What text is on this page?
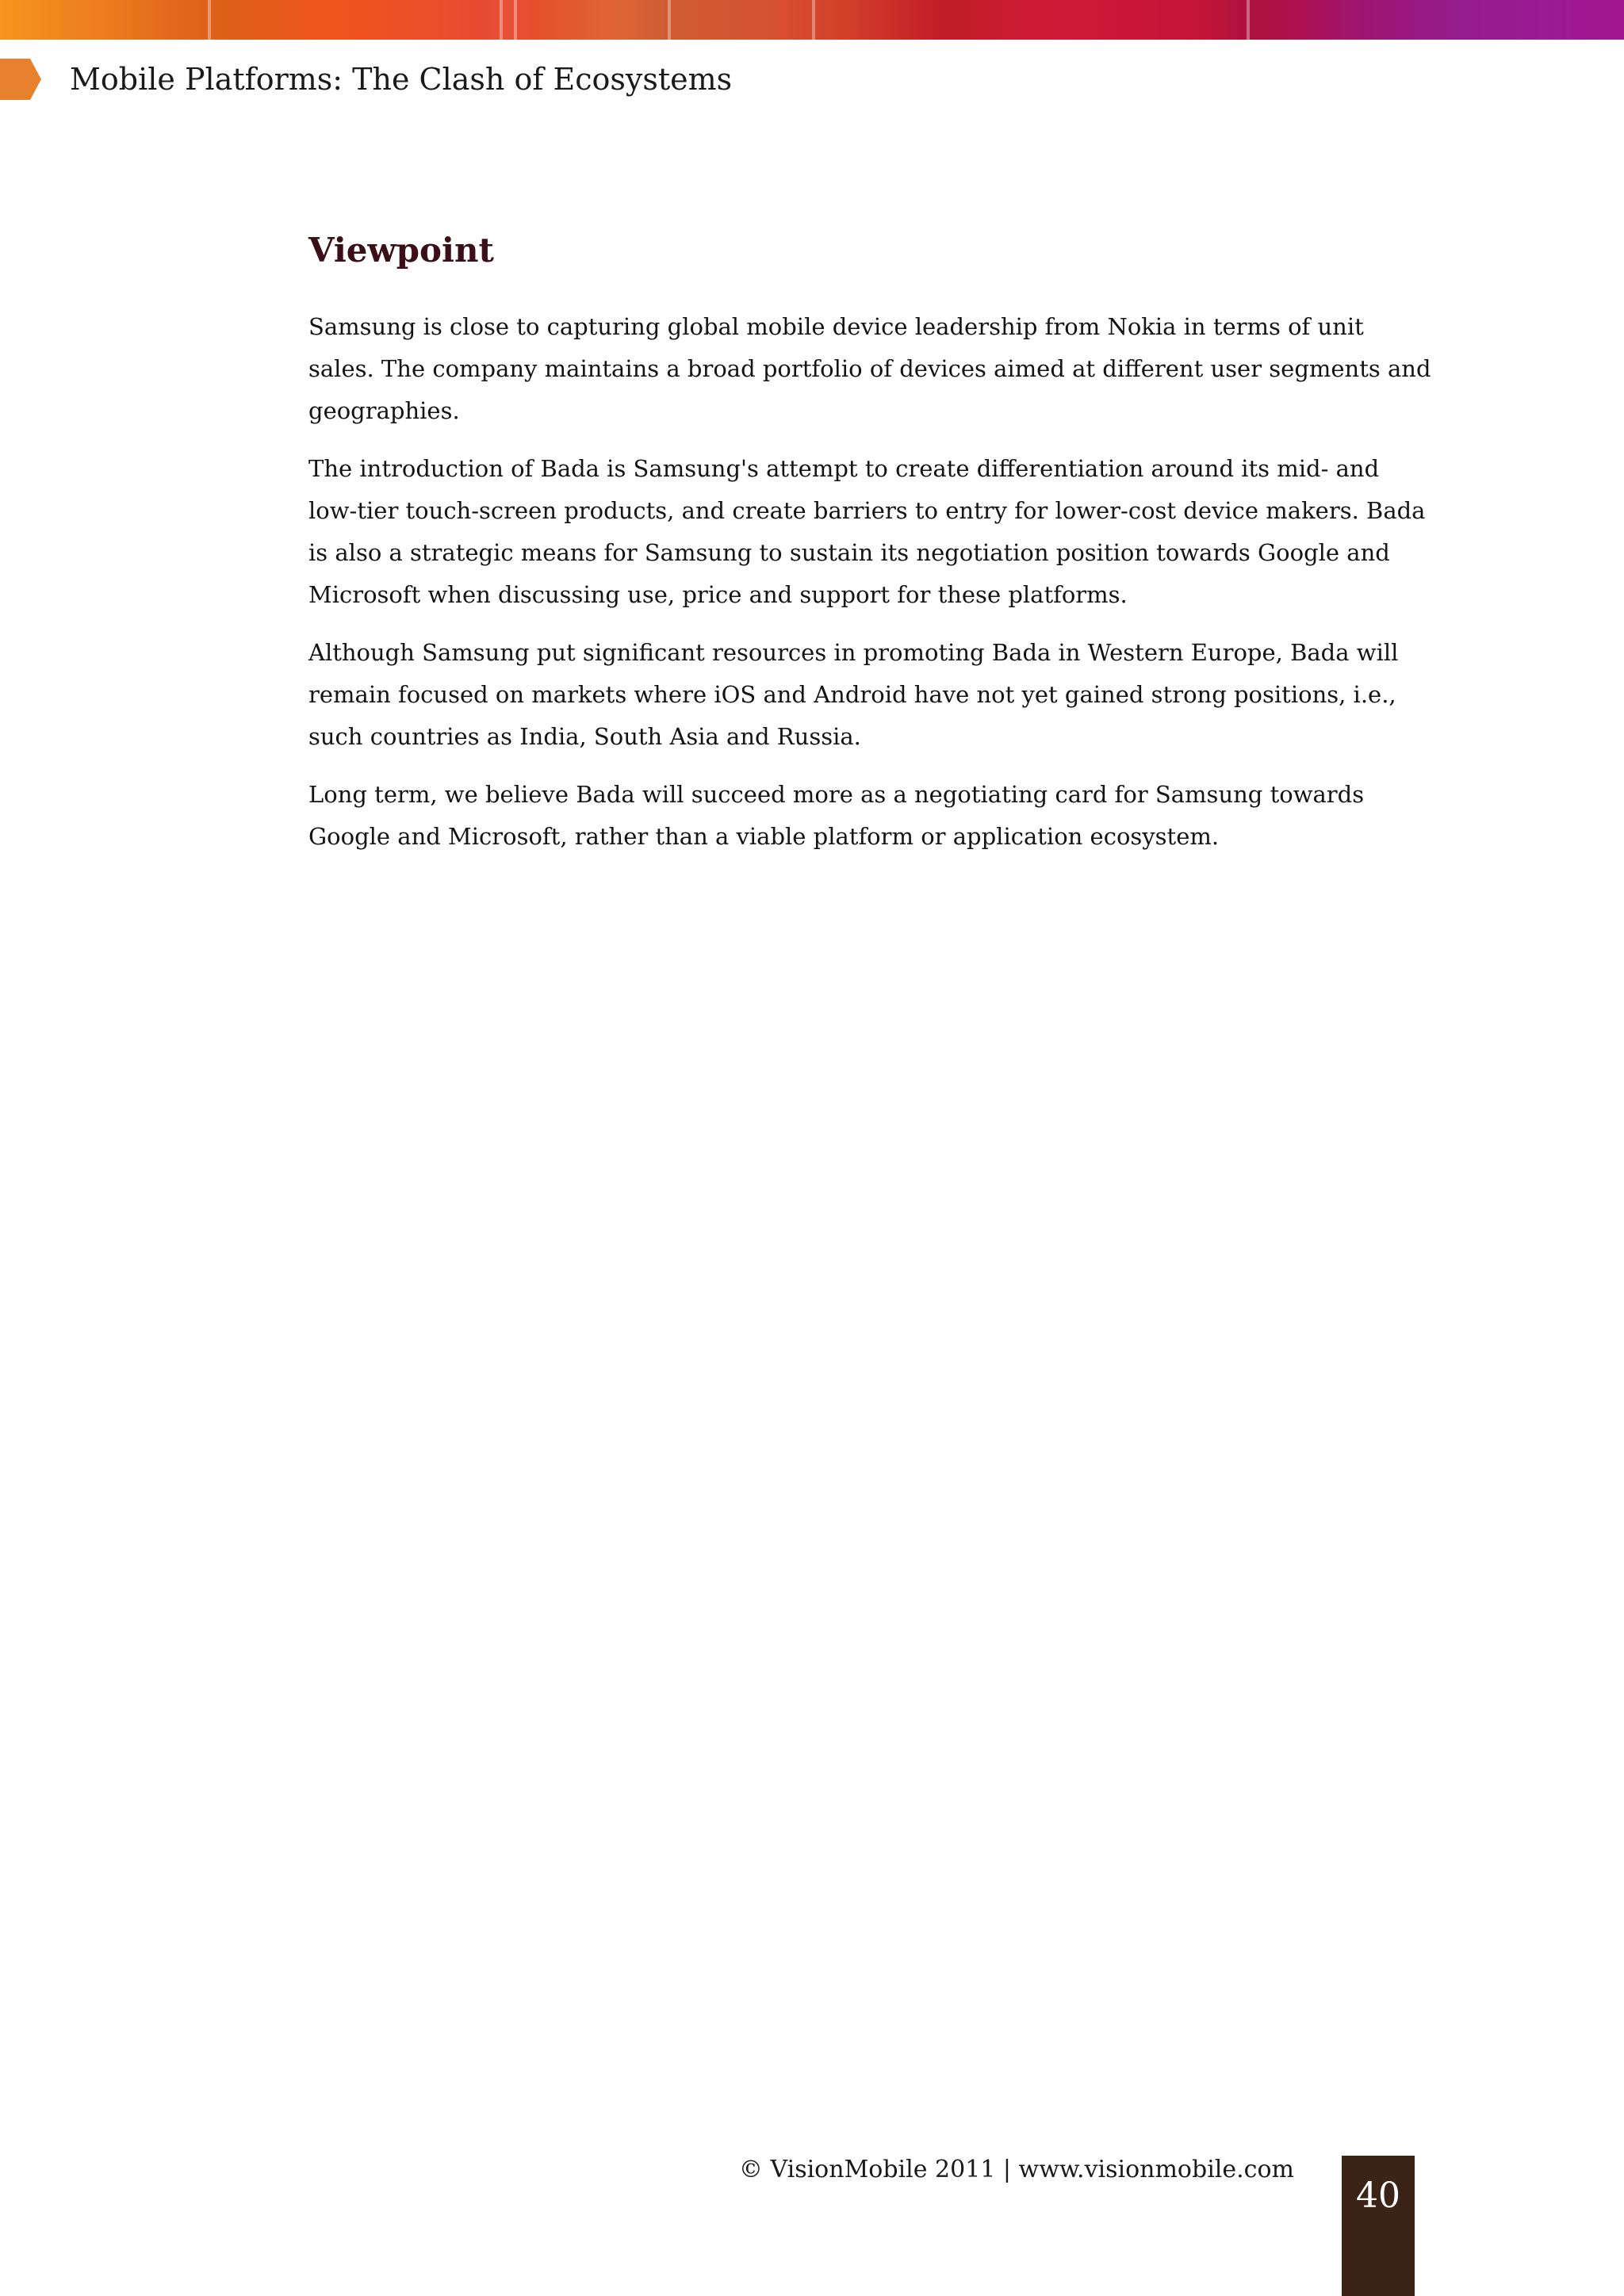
Mobile Platforms: The Clash of Ecosystems
Viewpoint

Samsung is close to capturing global mobile device leadership from Nokia in terms of unit sales. The company maintains a broad portfolio of devices aimed at different user segments and geographies.

The introduction of Bada is Samsung's attempt to create differentiation around its mid- and low-tier touch-screen products, and create barriers to entry for lower-cost device makers. Bada is also a strategic means for Samsung to sustain its negotiation position towards Google and Microsoft when discussing use, price and support for these platforms.

Although Samsung put significant resources in promoting Bada in Western Europe, Bada will remain focused on markets where iOS and Android have not yet gained strong positions, i.e., such countries as India, South Asia and Russia.

Long term, we believe Bada will succeed more as a negotiating card for Samsung towards Google and Microsoft, rather than a viable platform or application ecosystem.

© VisionMobile 2011 | www.visionmobile.com
40
